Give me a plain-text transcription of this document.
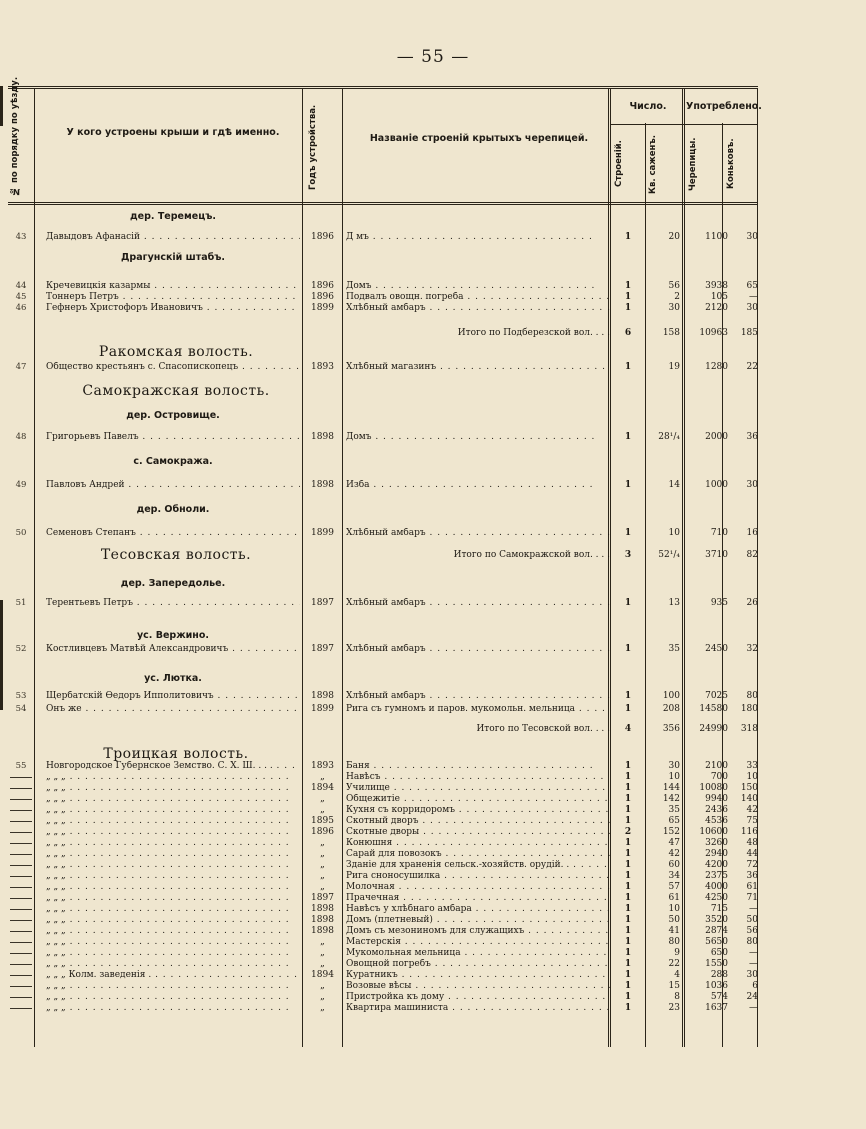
— 55 —
№ по порядку по уѣзду.	У кого устроены крыши и гдѣ именно.	Годъ устройства.	Названіе строеній крытыхъ черепицей.
Число.	Употреблено.
Строеній.	Кв. саженъ.	Черепицы.	Коньковъ.
дер. Теремецъ.
43	Давыдовъ Афанасій . . .	1896	Д мъ . . .	1	20	1100	30
Драгунскій штабъ.
44	Кречевицкія казармы . . .	1896	Домъ . . .	1	56	3938	65
45	Тоннеръ Петръ . . .	1896	Подвалъ овощн. погреба . . .	1	2	105	—
46	Гефнеръ Христофоръ Ивановичъ . . .	1899	Хлѣбный амбаръ . . .	1	30	2120	30
Итого по Подберезской вол. . . .	6	158	10963	185
Ракомская волость.
47	Общество крестьянъ с. Спасопископецъ . . .	1893	Хлѣбный магазинъ . . .	1	19	1280	22
Самокражская волость.
дер. Островище.
48	Григорьевъ Павелъ . . .	1898	Домъ . . .	1	28¹/₄	2000	36
с. Самокража.
49	Павловъ Андрей . . .	1898	Изба . . .	1	14	1000	30
дер. Обноли.
50	Семеновъ Степанъ . . .	1899	Хлѣбный амбаръ . . .	1	10	710	16
Тесовская волость.	Итого по Самокражской вол. . . .	3	52¹/₄	3710	82
дер. Запередолье.
51	Терентьевъ Петръ . . .	1897	Хлѣбный амбаръ . . .	1	13	935	26
ус. Вержино.
52	Костливцевъ Матвѣй Александровичъ . . .	1897	Хлѣбный амбаръ . . .	1	35	2450	32
ус. Лютка.
53	Щербатскій Ѳедоръ Ипполитовичъ . . .	1898	Хлѣбный амбаръ . . .	1	100	7025	80
54	Онъ же . . .	1899	Рига съ гумномъ и паров. мукомольн. мельница . . .	1	208	14580	180
Итого по Тесовской вол. . . .	4	356	24990	318
Троицкая волость.
55	Новгородское Губернское Земство. С. Х. Ш. . . . . . .	1893	Баня . . .	1	30	2100	33
„ „ „ . . .	„	Навѣсъ . . .	1	10	700	10
„ „ „ . . .	1894	Училище . . .	1	144	10080	150
„ „ „ . . .	„	Общежитіе . . .	1	142	9940	140
„ „ „ . . .	„	Кухня съ корридоромъ . . .	1	35	2436	42
„ „ „ . . .	1895	Скотный дворъ . . .	1	65	4536	75
„ „ „ . . .	1896	Скотные дворы . . .	2	152	10600	116
„ „ „ . . .	„	Конюшня . . .	1	47	3260	48
„ „ „ . . .	„	Сарай для повозокъ . . .	1	42	2940	44
„ „ „ . . .	„	Зданіе для храненія сельск.-хозяйств. орудій. . . . .	1	60	4200	72
„ „ „ . . .	„	Рига сноносушилка . . .	1	34	2375	36
„ „ „ . . .	„	Молочная . . .	1	57	4000	61
„ „ „ . . .	1897	Прачечная . . .	1	61	4250	71
„ „ „ . . .	1898	Навѣсъ у хлѣбнаго амбара . . .	1	10	715	—
„ „ „ . . .	1898	Домъ (плетневый) . . .	1	50	3520	50
„ „ „ . . .	1898	Домъ съ мезониномъ для служащихъ . . .	1	41	2874	56
„ „ „ . . .	„	Мастерскія . . .	1	80	5650	80
„ „ „ . . .	„	Мукомольная мельница . . .	1	9	650	—
„ „ „ . . .	„	Овощной погребъ . . .	1	22	1550	—
„ „ „ Колм. заведенія . . . .	1894	Куратникъ . . .	1	4	288	30
„ „ „ . . .	„	Возовые вѣсы . . .	1	15	1036	6
„ „ „ . . .	„	Пристройка къ дому . . .	1	8	574	24
„ „ „ . . .	„	Квартира машиниста . . .	1	23	1637	—
